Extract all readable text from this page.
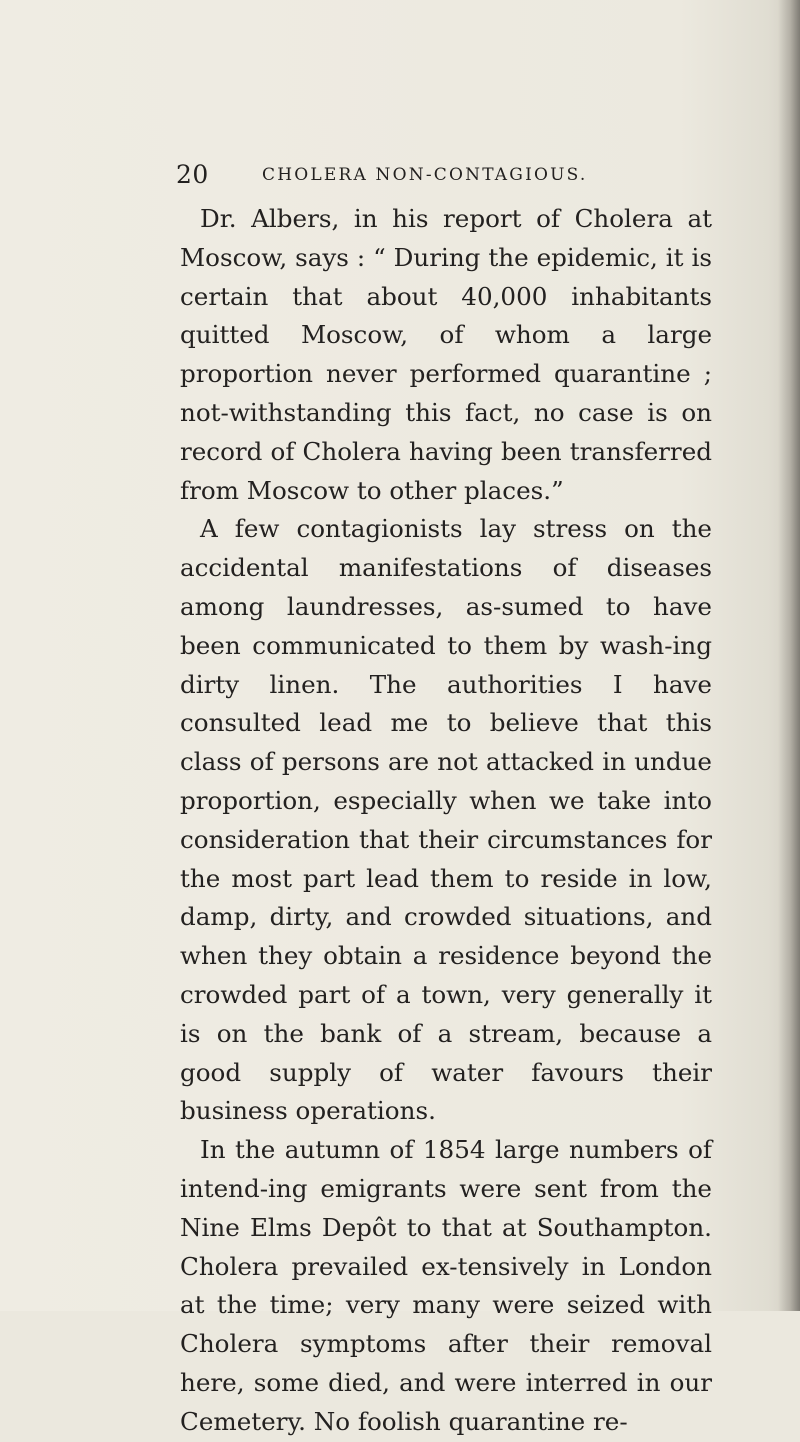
20	CHOLERA NON-CONTAGIOUS.

Dr. Albers, in his report of Cholera at Moscow, says : “ During the epidemic, it is certain that about 40,000 inhabitants quitted Moscow, of whom a large proportion never performed quarantine ; not-withstanding this fact, no case is on record of Cholera having been transferred from Moscow to other places.”

A few contagionists lay stress on the accidental manifestations of diseases among laundresses, as-sumed to have been communicated to them by wash-ing dirty linen. The authorities I have consulted lead me to believe that this class of persons are not attacked in undue proportion, especially when we take into consideration that their circumstances for the most part lead them to reside in low, damp, dirty, and crowded situations, and when they obtain a residence beyond the crowded part of a town, very generally it is on the bank of a stream, because a good supply of water favours their business operations.

In the autumn of 1854 large numbers of intend-ing emigrants were sent from the Nine Elms Depôt to that at Southampton. Cholera prevailed ex-tensively in London at the time; very many were seized with Cholera symptoms after their removal here, some died, and were interred in our Cemetery. No foolish quarantine re-
